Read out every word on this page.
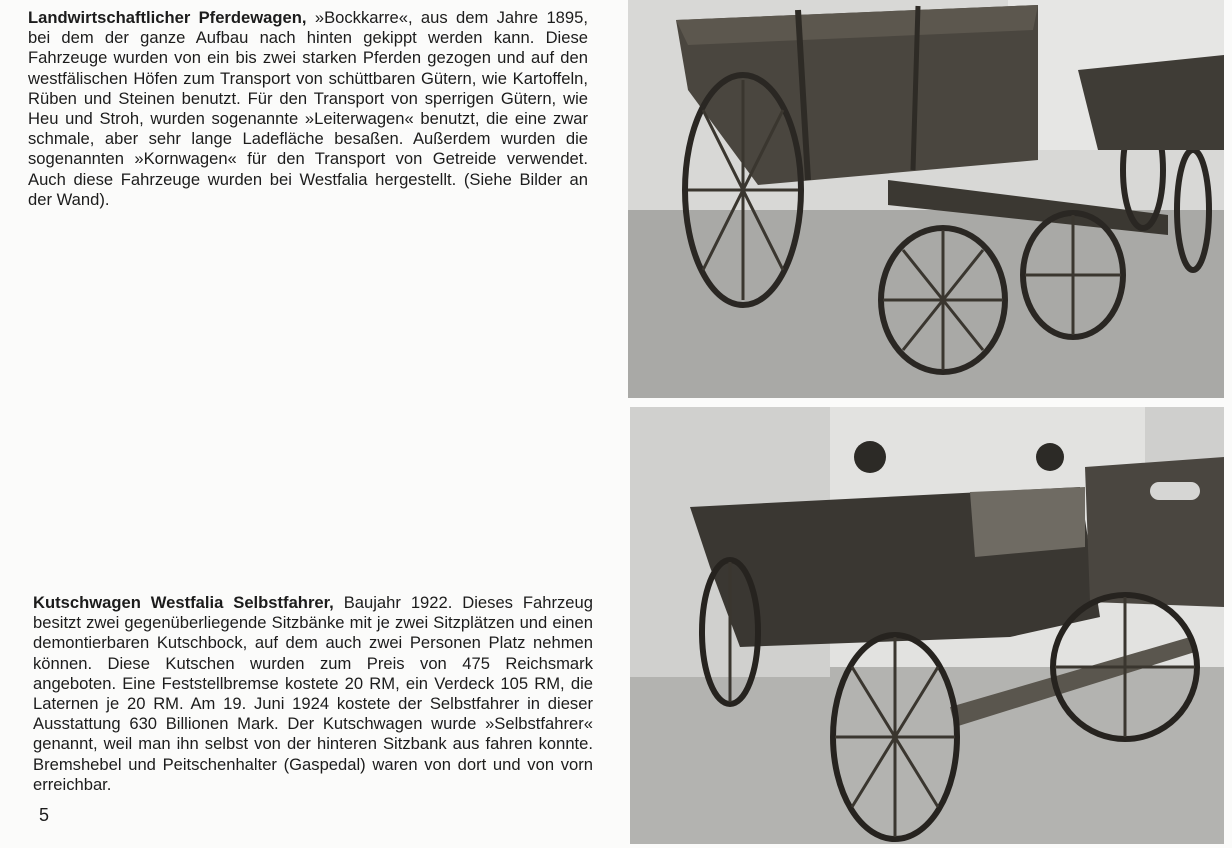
Landwirtschaftlicher Pferdewagen, »Bockkarre«, aus dem Jahre 1895, bei dem der ganze Aufbau nach hinten gekippt werden kann. Diese Fahrzeuge wurden von ein bis zwei starken Pferden gezogen und auf den westfälischen Höfen zum Transport von schüttbaren Gütern, wie Kartoffeln, Rüben und Steinen benutzt. Für den Transport von sperrigen Gütern, wie Heu und Stroh, wurden sogenannte »Leiterwagen« benutzt, die eine zwar schmale, aber sehr lange Ladefläche besaßen. Außerdem wurden die sogenannten »Kornwagen« für den Transport von Getreide verwendet. Auch diese Fahrzeuge wurden bei Westfalia hergestellt. (Siehe Bilder an der Wand).
Kutschwagen Westfalia Selbstfahrer, Baujahr 1922. Dieses Fahrzeug besitzt zwei gegenüberliegende Sitzbänke mit je zwei Sitzplätzen und einen demontierbaren Kutschbock, auf dem auch zwei Personen Platz nehmen können. Diese Kutschen wurden zum Preis von 475 Reichsmark angeboten. Eine Feststellbremse kostete 20 RM, ein Verdeck 105 RM, die Laternen je 20 RM. Am 19. Juni 1924 kostete der Selbstfahrer in dieser Ausstattung 630 Billionen Mark. Der Kutschwagen wurde »Selbstfahrer« genannt, weil man ihn selbst von der hinteren Sitzbank aus fahren konnte. Bremshebel und Peitschenhalter (Gaspedal) waren von dort und von vorn erreichbar.
5
